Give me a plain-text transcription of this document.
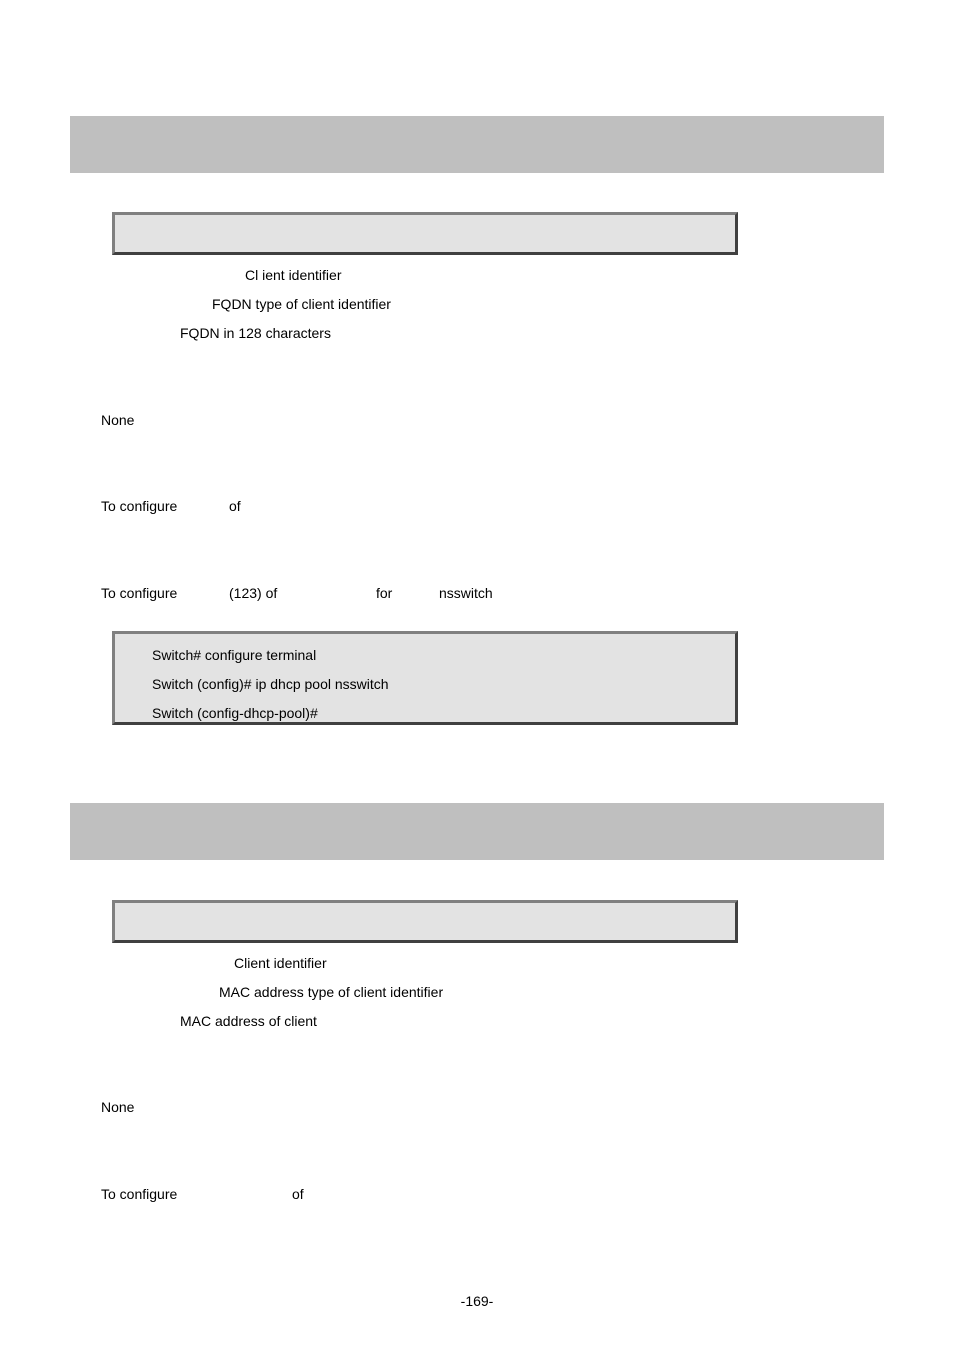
Cl ient identifier
FQDN type of client identifier
FQDN in 128 characters
None
To configure	of
To configure	(123) of	for	nsswitch
Switch# configure terminal
Switch (config)# ip dhcp pool nsswitch
Switch (config-dhcp-pool)#
Client identifier
MAC address type of client identifier
MAC address of client
None
To configure	of
-169-
